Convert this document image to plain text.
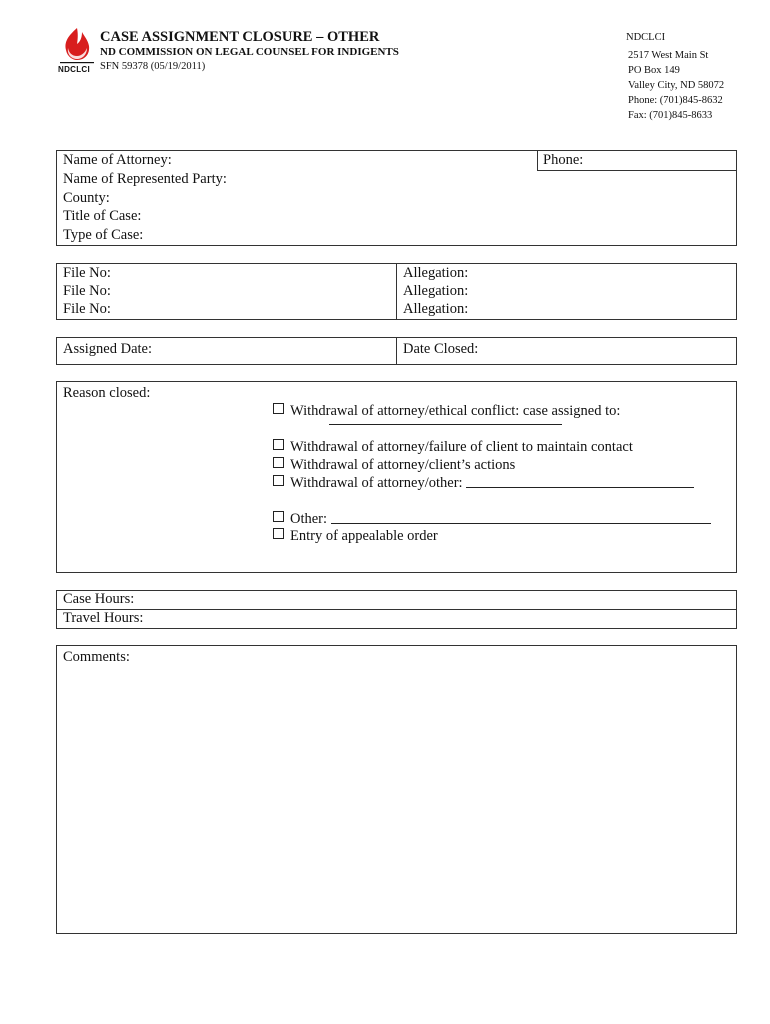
NDCLCI
CASE ASSIGNMENT CLOSURE – OTHER
ND COMMISSION ON LEGAL COUNSEL FOR INDIGENTS
SFN 59378 (05/19/2011)
NDCLCI
2517 West Main St
PO Box 149
Valley City, ND 58072
Phone: (701)845-8632
Fax: (701)845-8633
Name of Attorney:	Phone:
Name of Represented Party:
County:
Title of Case:
Type of Case:
File No:	Allegation:
File No:	Allegation:
File No:	Allegation:
Assigned Date:	Date Closed:
Reason closed:
Withdrawal of attorney/ethical conflict: case assigned to:
Withdrawal of attorney/failure of client to maintain contact
Withdrawal of attorney/client’s actions
Withdrawal of attorney/other:
Other:
Entry of appealable order
Case Hours:
Travel Hours:
Comments:
